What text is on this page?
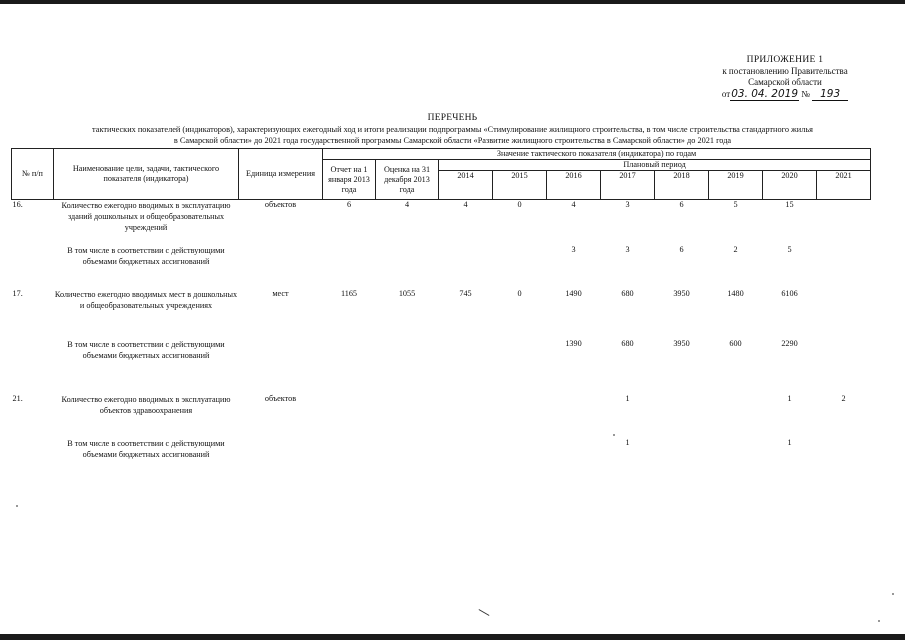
ПРИЛОЖЕНИЕ 1
к постановлению Правительства
Самарской области
от03. 04. 2019 № 193
ПЕРЕЧЕНЬ
тактических показателей (индикаторов), характеризующих ежегодный ход и итоги реализации подпрограммы «Стимулирование жилищного строительства, в том числе строительства стандартного жилья
в Самарской области» до 2021 года государственной программы Самарской области «Развитие жилищного строительства в Самарской области» до 2021 года
№ п/п	Наименование цели, задачи, тактического показателя (индикатора)	Единица измерения	Значение тактического показателя (индикатора) по годам									
			Отчет на 1 января 2013 года	Оценка на 31 декабря 2013 года	Плановый период							
					2014	2015	2016	2017	2018	2019	2020	2021
16.	Количество ежегодно вводимых в эксплуатацию зданий дошкольных и общеобразовательных учреждений	объектов	6	4	4	0	4	3	6	5	15	
	В том числе в соответствии с действующими объемами бюджетных ассигнований						3	3	6	2	5	
17.	Количество ежегодно вводимых мест в дошкольных и общеобразовательных учреждениях	мест	1165	1055	745	0	1490	680	3950	1480	6106	
	В том числе в соответствии с действующими объемами бюджетных ассигнований						1390	680	3950	600	2290	
21.	Количество ежегодно вводимых в эксплуатацию объектов здравоохранения	объектов						1			1	2
	В том числе в соответствии с действующими объемами бюджетных ассигнований							1			1	
